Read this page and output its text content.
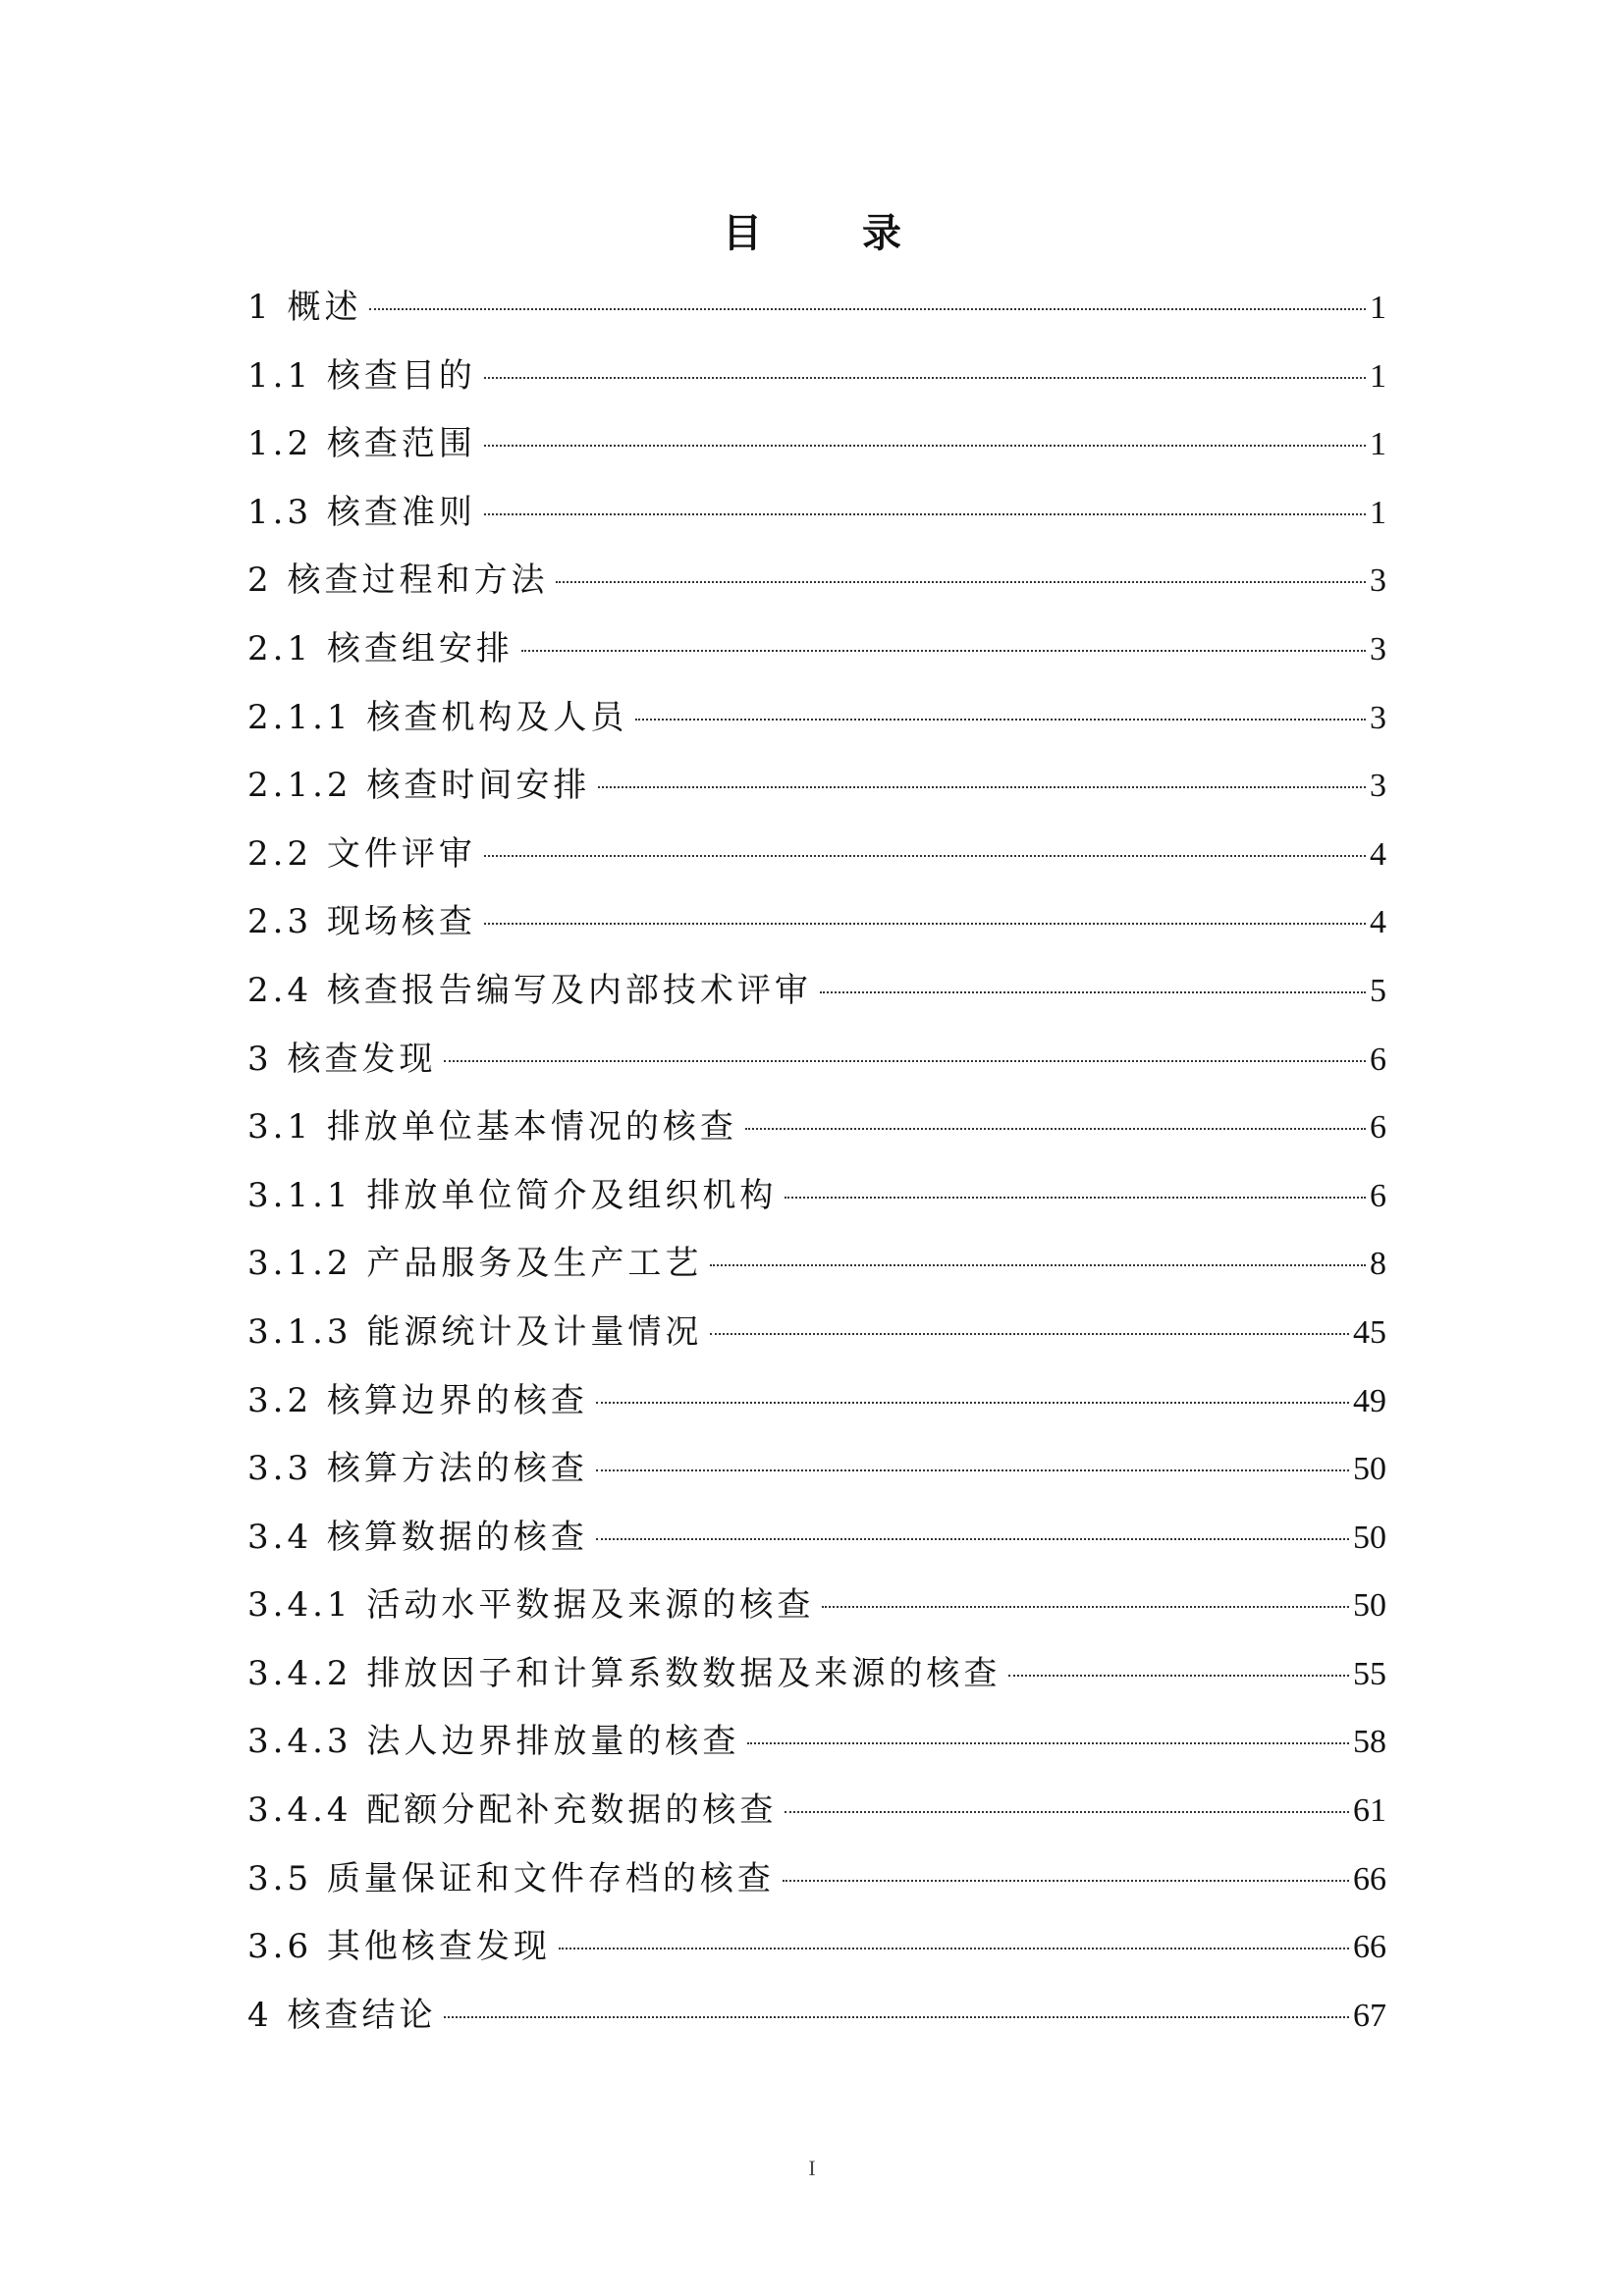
目 录
1 概述	1
1.1 核查目的	1
1.2 核查范围	1
1.3 核查准则	1
2 核查过程和方法	3
2.1 核查组安排	3
2.1.1 核查机构及人员	3
2.1.2 核查时间安排	3
2.2 文件评审	4
2.3 现场核查	4
2.4 核查报告编写及内部技术评审	5
3 核查发现	6
3.1 排放单位基本情况的核查	6
3.1.1 排放单位简介及组织机构	6
3.1.2 产品服务及生产工艺	8
3.1.3 能源统计及计量情况	45
3.2 核算边界的核查	49
3.3 核算方法的核查	50
3.4 核算数据的核查	50
3.4.1 活动水平数据及来源的核查	50
3.4.2 排放因子和计算系数数据及来源的核查	55
3.4.3 法人边界排放量的核查	58
3.4.4 配额分配补充数据的核查	61
3.5 质量保证和文件存档的核查	66
3.6 其他核查发现	66
4 核查结论	67
I
